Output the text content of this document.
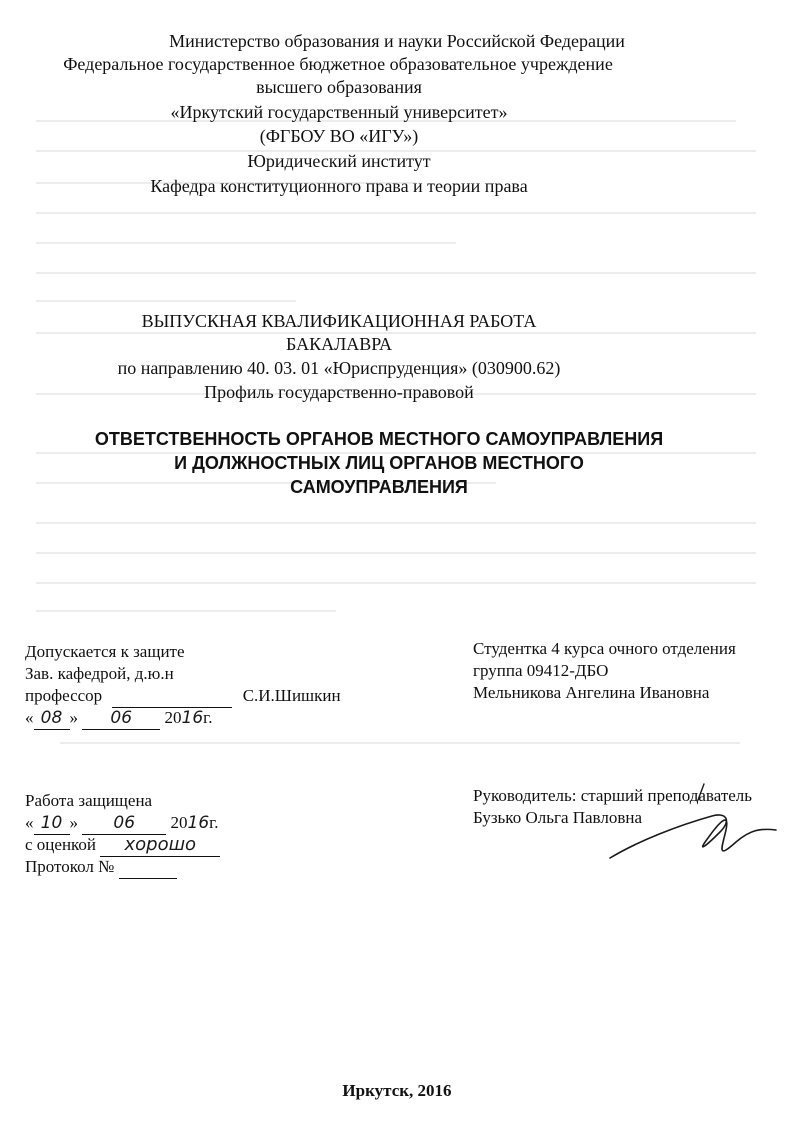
Министерство образования и науки Российской Федерации
Федеральное государственное бюджетное образовательное учреждение
высшего образования
«Иркутский государственный университет»
(ФГБОУ ВО «ИГУ»)
Юридический институт
Кафедра конституционного права и теории права
ВЫПУСКНАЯ КВАЛИФИКАЦИОННАЯ РАБОТА
БАКАЛАВРА
по направлению 40. 03. 01 «Юриспруденция» (030900.62)
Профиль государственно-правовой
ОТВЕТСТВЕННОСТЬ ОРГАНОВ МЕСТНОГО САМОУПРАВЛЕНИЯ
И ДОЛЖНОСТНЫХ ЛИЦ ОРГАНОВ МЕСТНОГО
САМОУПРАВЛЕНИЯ
Допускается к защите
Зав. кафедрой, д.ю.н
профессор	С.И.Шишкин
« 08 » 06 2016г.
Студентка 4 курса очного отделения
группа 09412-ДБО
Мельникова Ангелина Ивановна
Работа защищена
« 10 » 06 2016г.
с оценкой хорошо
Протокол №
Руководитель: старший преподаватель
Бузько Ольга Павловна
Иркутск, 2016
